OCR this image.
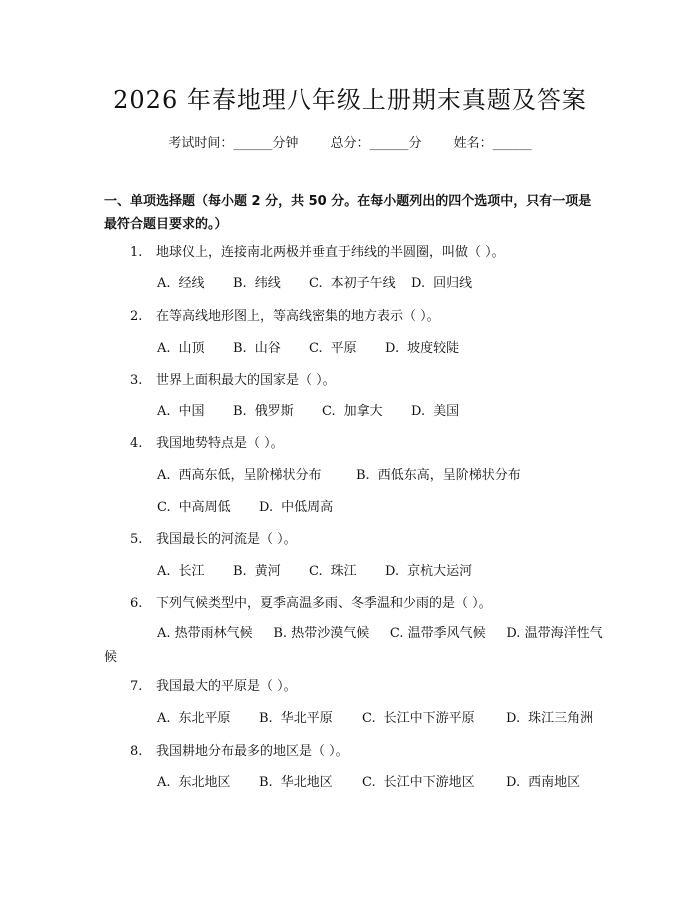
2026 年春地理八年级上册期末真题及答案
考试时间：______分钟 总分：______分 姓名：______
一、单项选择题（每小题 2 分，共 50 分。在每小题列出的四个选项中，只有一项是最符合题目要求的。）
1. 地球仪上，连接南北两极并垂直于纬线的半圆圈，叫做（ ）。
A. 经线 B. 纬线 C. 本初子午线 D. 回归线
2. 在等高线地形图上，等高线密集的地方表示（ ）。
A. 山顶 B. 山谷 C. 平原 D. 坡度较陡
3. 世界上面积最大的国家是（ ）。
A. 中国 B. 俄罗斯 C. 加拿大 D. 美国
4. 我国地势特点是（ ）。
A. 西高东低，呈阶梯状分布	B. 西低东高，呈阶梯状分布
C. 中高周低 D. 中低周高
5. 我国最长的河流是（ ）。
A. 长江 B. 黄河 C. 珠江 D. 京杭大运河
6. 下列气候类型中，夏季高温多雨、冬季温和少雨的是（ ）。
A. 热带雨林气候 B. 热带沙漠气候 C. 温带季风气候 D. 温带海洋性气候
7. 我国最大的平原是（ ）。
A. 东北平原 B. 华北平原 C. 长江中下游平原 D. 珠江三角洲
8. 我国耕地分布最多的地区是（ ）。
A. 东北地区 B. 华北地区 C. 长江中下游地区 D. 西南地区
